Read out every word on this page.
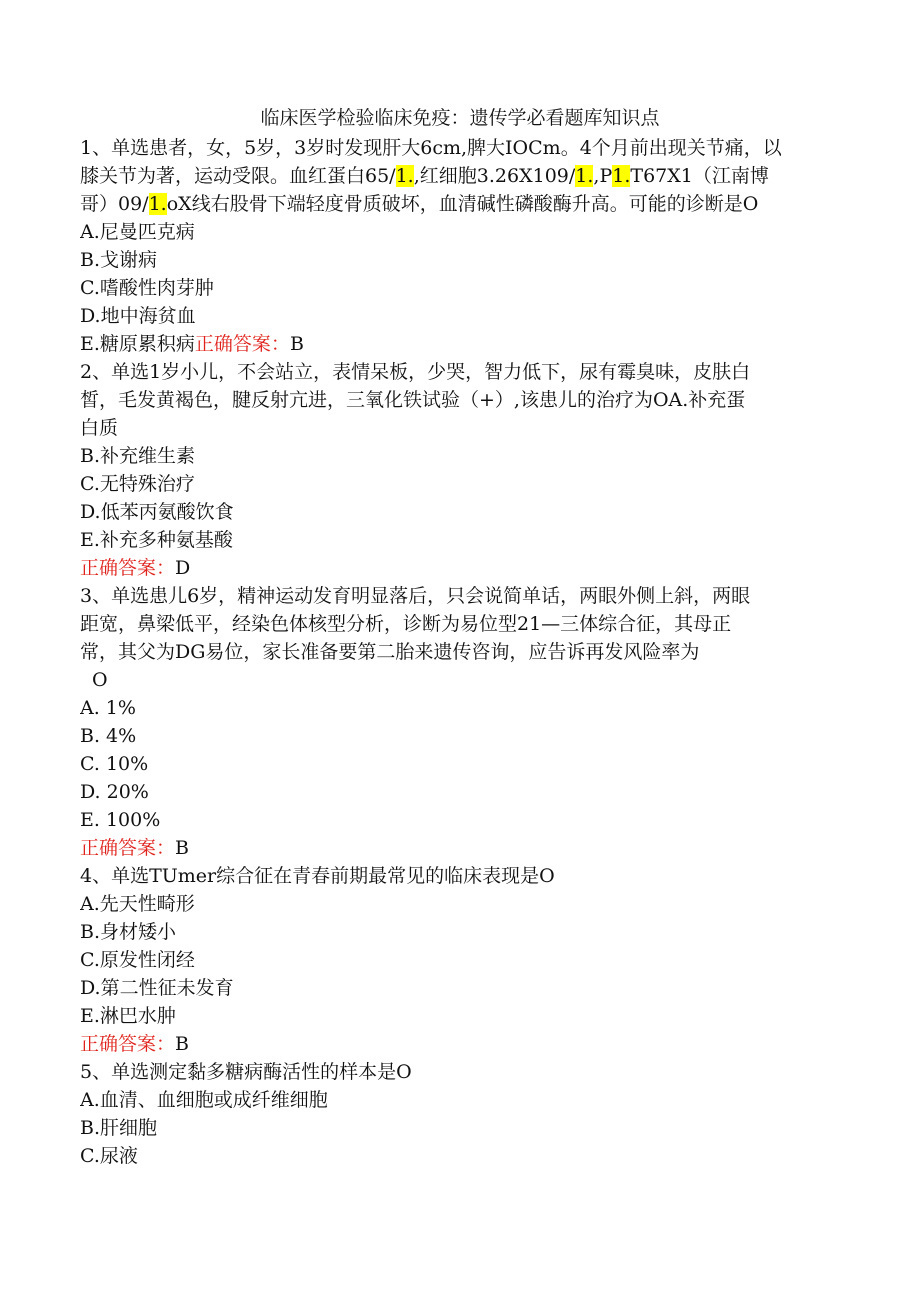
临床医学检验临床免疫：遗传学必看题库知识点
1、单选患者，女，5岁，3岁时发现肝大6cm,脾大IOCm。4个月前出现关节痛，以
膝关节为著，运动受限。血红蛋白65/1.,红细胞3.26X109/1.,P1.T67X1（江南博
哥）09/1.oX线右股骨下端轻度骨质破坏，血清碱性磷酸酶升高。可能的诊断是O
A.尼曼匹克病
B.戈谢病
C.嗜酸性肉芽肿
D.地中海贫血
E.糖原累积病正确答案：B
2、单选1岁小儿，不会站立，表情呆板，少哭，智力低下，尿有霉臭味，皮肤白
皙，毛发黄褐色，腱反射亢进，三氧化铁试验（+）,该患儿的治疗为OA.补充蛋
白质
B.补充维生素
C.无特殊治疗
D.低苯丙氨酸饮食
E.补充多种氨基酸
正确答案：D
3、单选患儿6岁，精神运动发育明显落后，只会说简单话，两眼外侧上斜，两眼
距宽，鼻梁低平，经染色体核型分析，诊断为易位型21—三体综合征，其母正
常，其父为DG易位，家长准备要第二胎来遗传咨询，应告诉再发风险率为
O
A. 1%
B. 4%
C. 10%
D. 20%
E. 100%
正确答案：B
4、单选TUmer综合征在青春前期最常见的临床表现是O
A.先天性畸形
B.身材矮小
C.原发性闭经
D.第二性征未发育
E.淋巴水肿
正确答案：B
5、单选测定黏多糖病酶活性的样本是O
A.血清、血细胞或成纤维细胞
B.肝细胞
C.尿液
